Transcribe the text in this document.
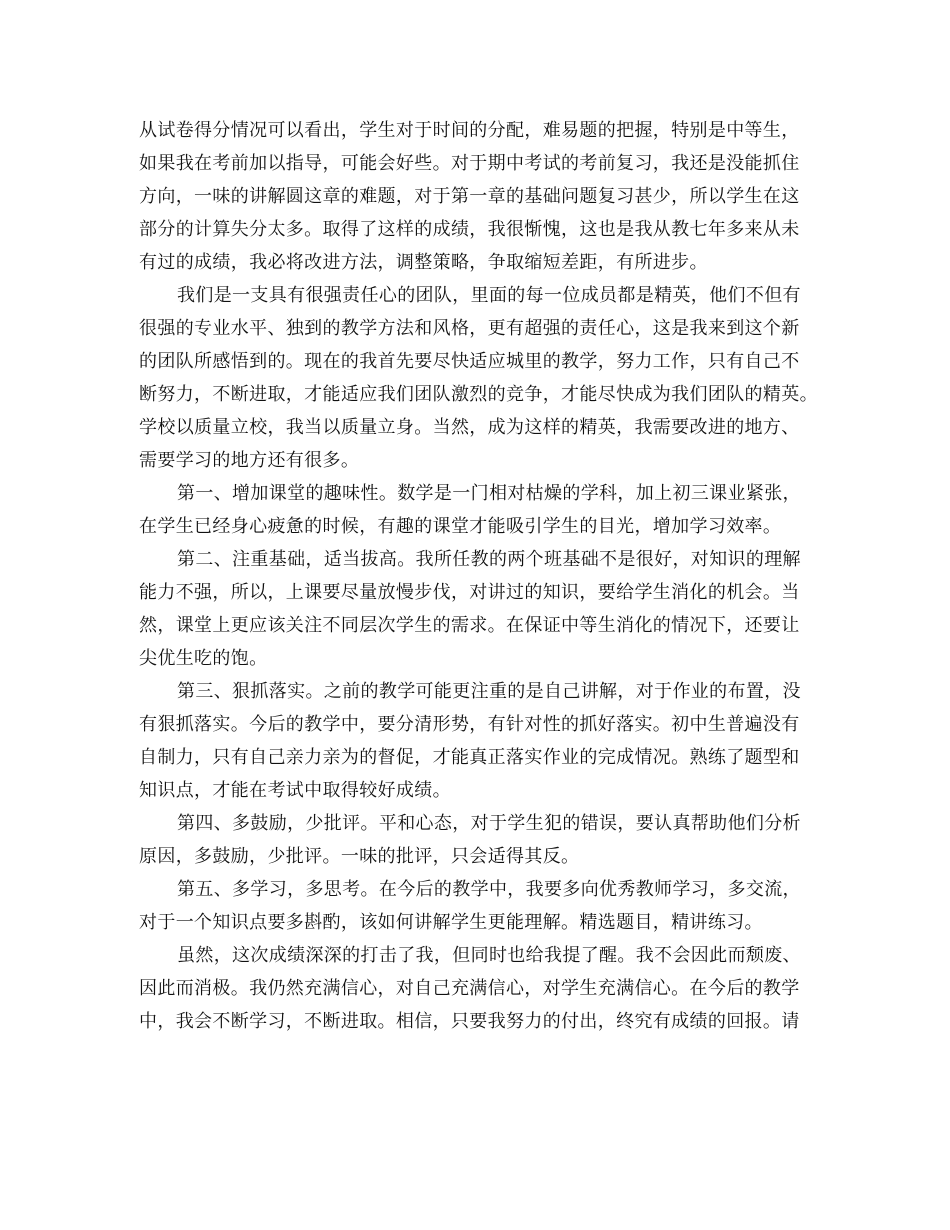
从试卷得分情况可以看出，学生对于时间的分配，难易题的把握，特别是中等生，
如果我在考前加以指导，可能会好些。对于期中考试的考前复习，我还是没能抓住
方向，一味的讲解圆这章的难题，对于第一章的基础问题复习甚少，所以学生在这
部分的计算失分太多。取得了这样的成绩，我很惭愧，这也是我从教七年多来从未
有过的成绩，我必将改进方法，调整策略，争取缩短差距，有所进步。
我们是一支具有很强责任心的团队，里面的每一位成员都是精英，他们不但有
很强的专业水平、独到的教学方法和风格，更有超强的责任心，这是我来到这个新
的团队所感悟到的。现在的我首先要尽快适应城里的教学，努力工作，只有自己不
断努力，不断进取，才能适应我们团队激烈的竞争，才能尽快成为我们团队的精英。
学校以质量立校，我当以质量立身。当然，成为这样的精英，我需要改进的地方、
需要学习的地方还有很多。
第一、增加课堂的趣味性。数学是一门相对枯燥的学科，加上初三课业紧张，
在学生已经身心疲惫的时候，有趣的课堂才能吸引学生的目光，增加学习效率。
第二、注重基础，适当拔高。我所任教的两个班基础不是很好，对知识的理解
能力不强，所以，上课要尽量放慢步伐，对讲过的知识，要给学生消化的机会。当
然，课堂上更应该关注不同层次学生的需求。在保证中等生消化的情况下，还要让
尖优生吃的饱。
第三、狠抓落实。之前的教学可能更注重的是自己讲解，对于作业的布置，没
有狠抓落实。今后的教学中，要分清形势，有针对性的抓好落实。初中生普遍没有
自制力，只有自己亲力亲为的督促，才能真正落实作业的完成情况。熟练了题型和
知识点，才能在考试中取得较好成绩。
第四、多鼓励，少批评。平和心态，对于学生犯的错误，要认真帮助他们分析
原因，多鼓励，少批评。一味的批评，只会适得其反。
第五、多学习，多思考。在今后的教学中，我要多向优秀教师学习，多交流，
对于一个知识点要多斟酌，该如何讲解学生更能理解。精选题目，精讲练习。
虽然，这次成绩深深的打击了我，但同时也给我提了醒。我不会因此而颓废、
因此而消极。我仍然充满信心，对自己充满信心，对学生充满信心。在今后的教学
中，我会不断学习，不断进取。相信，只要我努力的付出，终究有成绩的回报。请
